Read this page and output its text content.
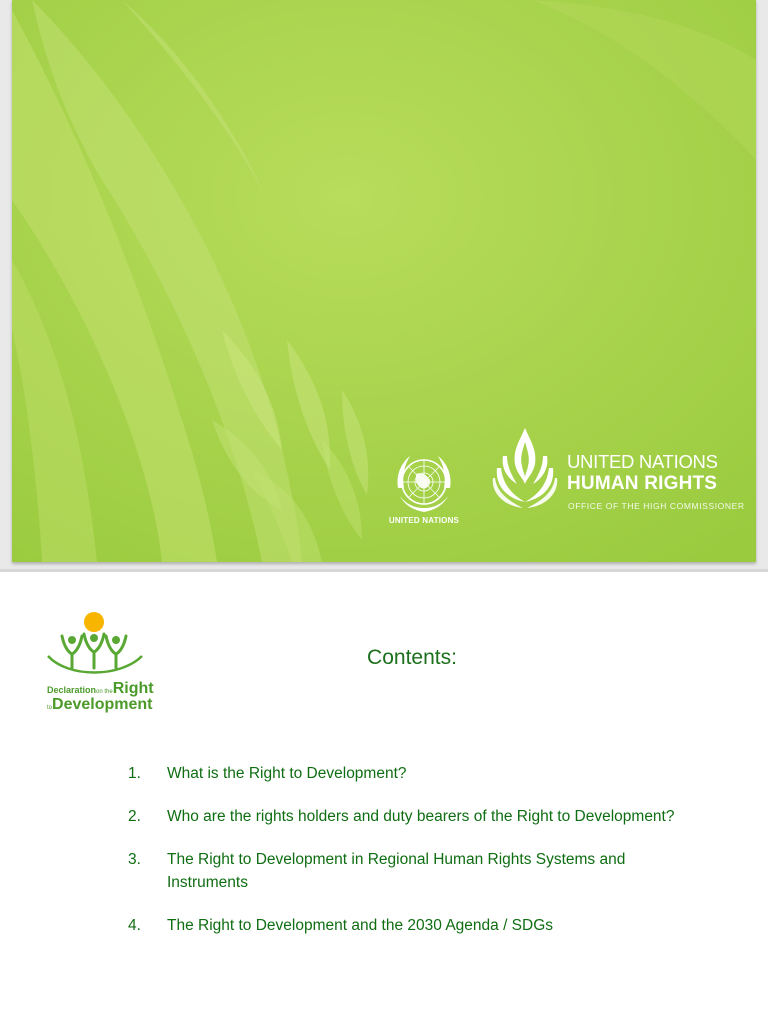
UNITED NATIONS
UNITED NATIONS
HUMAN RIGHTS
OFFICE OF THE HIGH COMMISSIONER
Declarationon theRight
toDevelopment
Contents:
1. What is the Right to Development?
2. Who are the rights holders and duty bearers of the Right to Development?
3. The Right to Development in Regional Human Rights Systems and Instruments
4. The Right to Development and the 2030 Agenda / SDGs
